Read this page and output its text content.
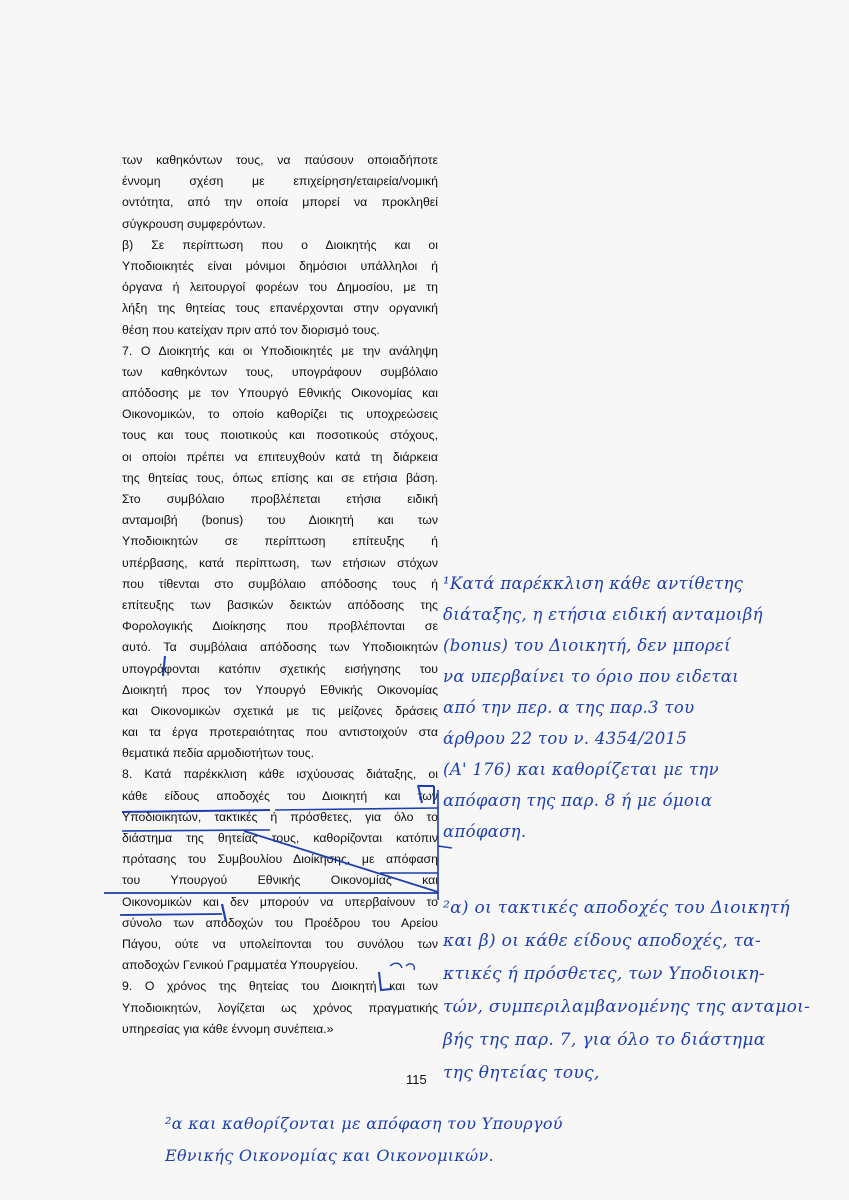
των καθηκόντων τους, να παύσουν οποιαδήποτε
έννομη σχέση με επιχείρηση/εταιρεία/νομική
οντότητα, από την οποία μπορεί να προκληθεί
σύγκρουση συμφερόντων.
β) Σε περίπτωση που ο Διοικητής και οι
Υποδιοικητές είναι μόνιμοι δημόσιοι υπάλληλοι ή
όργανα ή λειτουργοί φορέων του Δημοσίου, με τη
λήξη της θητείας τους επανέρχονται στην οργανική
θέση που κατείχαν πριν από τον διορισμό τους.
7. Ο Διοικητής και οι Υποδιοικητές με την ανάληψη
των καθηκόντων τους, υπογράφουν συμβόλαιο
απόδοσης με τον Υπουργό Εθνικής Οικονομίας και
Οικονομικών, το οποίο καθορίζει τις υποχρεώσεις
τους και τους ποιοτικούς και ποσοτικούς στόχους,
οι οποίοι πρέπει να επιτευχθούν κατά τη διάρκεια
της θητείας τους, όπως επίσης και σε ετήσια βάση.
Στο συμβόλαιο προβλέπεται ετήσια ειδική
ανταμοιβή (bonus) του Διοικητή και των
Υποδιοικητών σε περίπτωση επίτευξης ή
υπέρβασης, κατά περίπτωση, των ετήσιων στόχων
που τίθενται στο συμβόλαιο απόδοσης τους ή
επίτευξης των βασικών δεικτών απόδοσης της
Φορολογικής Διοίκησης που προβλέπονται σε
αυτό. Τα συμβόλαια απόδοσης των Υποδιοικητών
υπογράφονται κατόπιν σχετικής εισήγησης του
Διοικητή προς τον Υπουργό Εθνικής Οικονομίας
και Οικονομικών σχετικά με τις μείζονες δράσεις
και τα έργα προτεραιότητας που αντιστοιχούν στα
θεματικά πεδία αρμοδιοτήτων τους.
8. Κατά παρέκκλιση κάθε ισχύουσας διάταξης, οι
κάθε είδους αποδοχές του Διοικητή και των
Υποδιοικητών, τακτικές ή πρόσθετες, για όλο το
διάστημα της θητείας τους, καθορίζονται κατόπιν
πρότασης του Συμβουλίου Διοίκησης, με απόφαση
του Υπουργού Εθνικής Οικονομίας και
Οικονομικών και δεν μπορούν να υπερβαίνουν το
σύνολο των αποδοχών του Προέδρου του Αρείου
Πάγου, ούτε να υπολείπονται του συνόλου των
αποδοχών Γενικού Γραμματέα Υπουργείου.
9. Ο χρόνος της θητείας του Διοικητή και των
Υποδιοικητών, λογίζεται ως χρόνος πραγματικής
υπηρεσίας για κάθε έννομη συνέπεια.»
115
¹Κατά παρέκκλιση κάθε αντίθετης
διάταξης, η ετήσια ειδική ανταμοιβή
(bonus) του Διοικητή, δεν μπορεί
να υπερβαίνει το όριο που ειδεται
από την περ. α της παρ.3 του
άρθρου 22 του ν. 4354/2015
(Α' 176) και καθορίζεται με την
απόφαση της παρ. 8 ή με όμοια
απόφαση.
²α) οι τακτικές αποδοχές του Διοικητή
και β) οι κάθε είδους αποδοχές, τα-
κτικές ή πρόσθετες, των Υποδιοικη-
τών, συμπεριλαμβανομένης της ανταμοι-
βής της παρ. 7, για όλο το διάστημα
της θητείας τους,
²α και καθορίζονται με απόφαση του Υπουργού
Εθνικής Οικονομίας και Οικονομικών.
